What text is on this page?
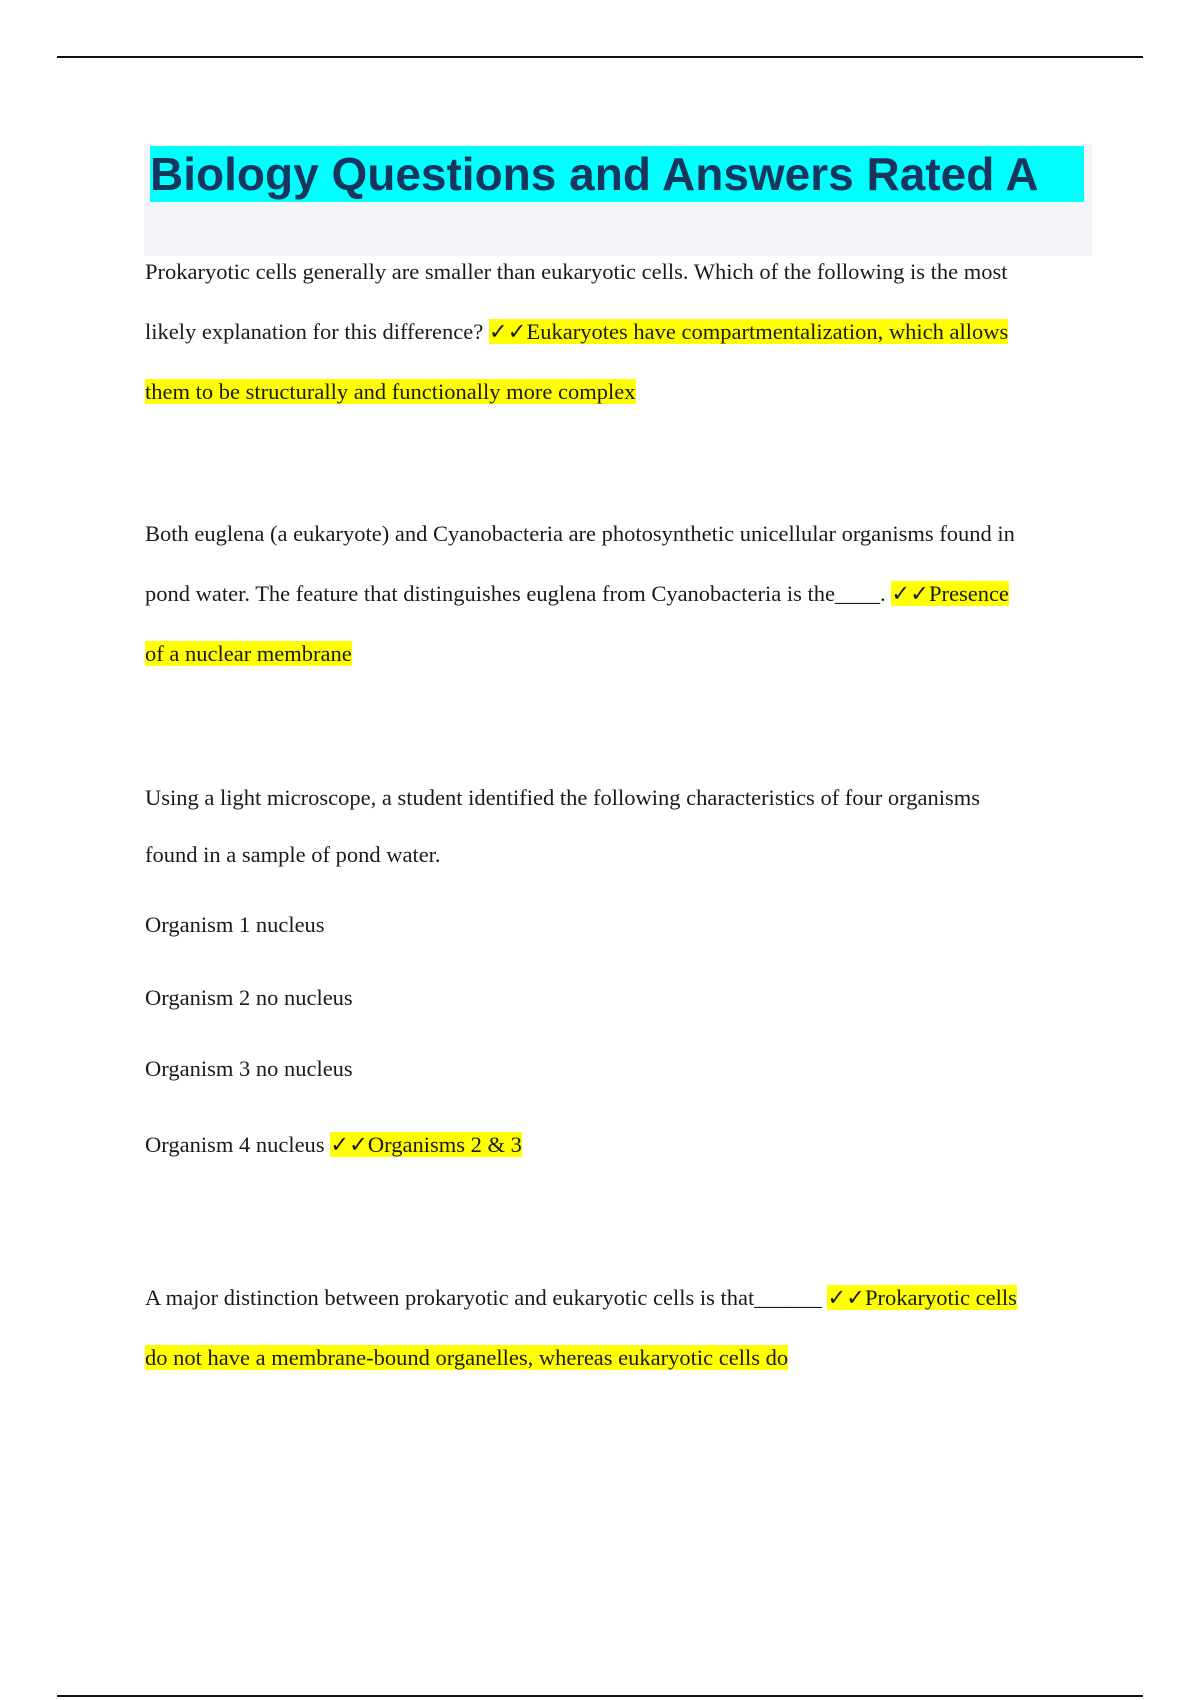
Biology Questions and Answers Rated A
Prokaryotic cells generally are smaller than eukaryotic cells. Which of the following is the most
likely explanation for this difference? ✓✓Eukaryotes have compartmentalization, which allows
them to be structurally and functionally more complex
Both euglena (a eukaryote) and Cyanobacteria are photosynthetic unicellular organisms found in
pond water. The feature that distinguishes euglena from Cyanobacteria is the____. ✓✓Presence
of a nuclear membrane

Using a light microscope, a student identified the following characteristics of four organisms

found in a sample of pond water.

Organism 1 nucleus

Organism 2 no nucleus

Organism 3 no nucleus

Organism 4 nucleus ✓✓Organisms 2 & 3

A major distinction between prokaryotic and eukaryotic cells is that______ ✓✓Prokaryotic cells
do not have a membrane-bound organelles, whereas eukaryotic cells do
